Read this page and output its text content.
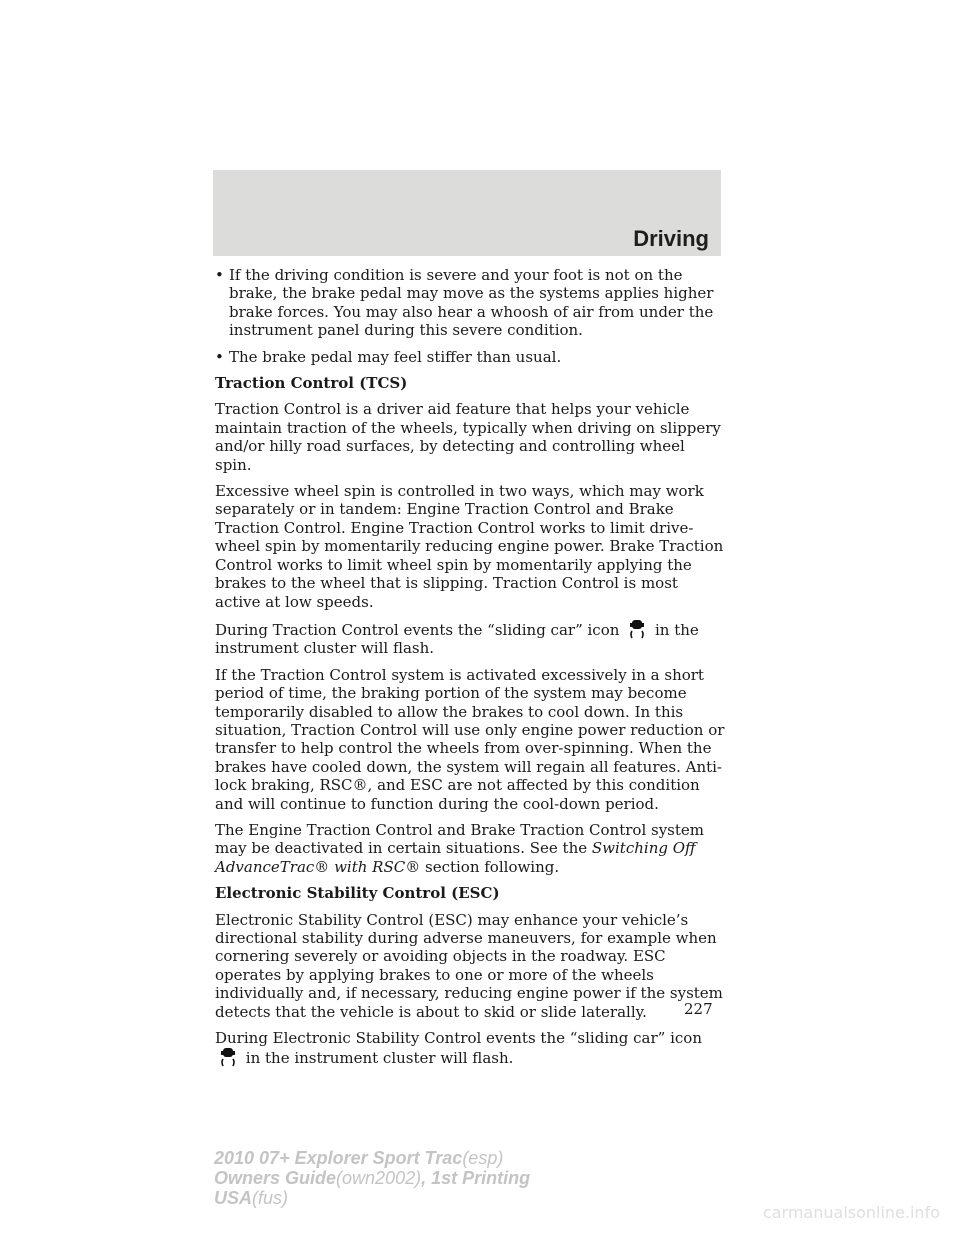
Driving
• If the driving condition is severe and your foot is not on the brake, the brake pedal may move as the systems applies higher brake forces. You may also hear a whoosh of air from under the instrument panel during this severe condition.
• The brake pedal may feel stiffer than usual.

Traction Control (TCS)

Traction Control is a driver aid feature that helps your vehicle maintain traction of the wheels, typically when driving on slippery and/or hilly road surfaces, by detecting and controlling wheel spin.

Excessive wheel spin is controlled in two ways, which may work separately or in tandem: Engine Traction Control and Brake Traction Control. Engine Traction Control works to limit drive-wheel spin by momentarily reducing engine power. Brake Traction Control works to limit wheel spin by momentarily applying the brakes to the wheel that is slipping. Traction Control is most active at low speeds.

During Traction Control events the “sliding car” icon in the instrument cluster will flash.

If the Traction Control system is activated excessively in a short period of time, the braking portion of the system may become temporarily disabled to allow the brakes to cool down. In this situation, Traction Control will use only engine power reduction or transfer to help control the wheels from over-spinning. When the brakes have cooled down, the system will regain all features. Anti-lock braking, RSC®, and ESC are not affected by this condition and will continue to function during the cool-down period.

The Engine Traction Control and Brake Traction Control system may be deactivated in certain situations. See the Switching Off AdvanceTrac® with RSC® section following.

Electronic Stability Control (ESC)

Electronic Stability Control (ESC) may enhance your vehicle’s directional stability during adverse maneuvers, for example when cornering severely or avoiding objects in the roadway. ESC operates by applying brakes to one or more of the wheels individually and, if necessary, reducing engine power if the system detects that the vehicle is about to skid or slide laterally.

During Electronic Stability Control events the “sliding car” icon  in the instrument cluster will flash.

227
2010 07+ Explorer Sport Trac(esp)
Owners Guide(own2002), 1st Printing
USA(fus)
carmanualsonline.info
